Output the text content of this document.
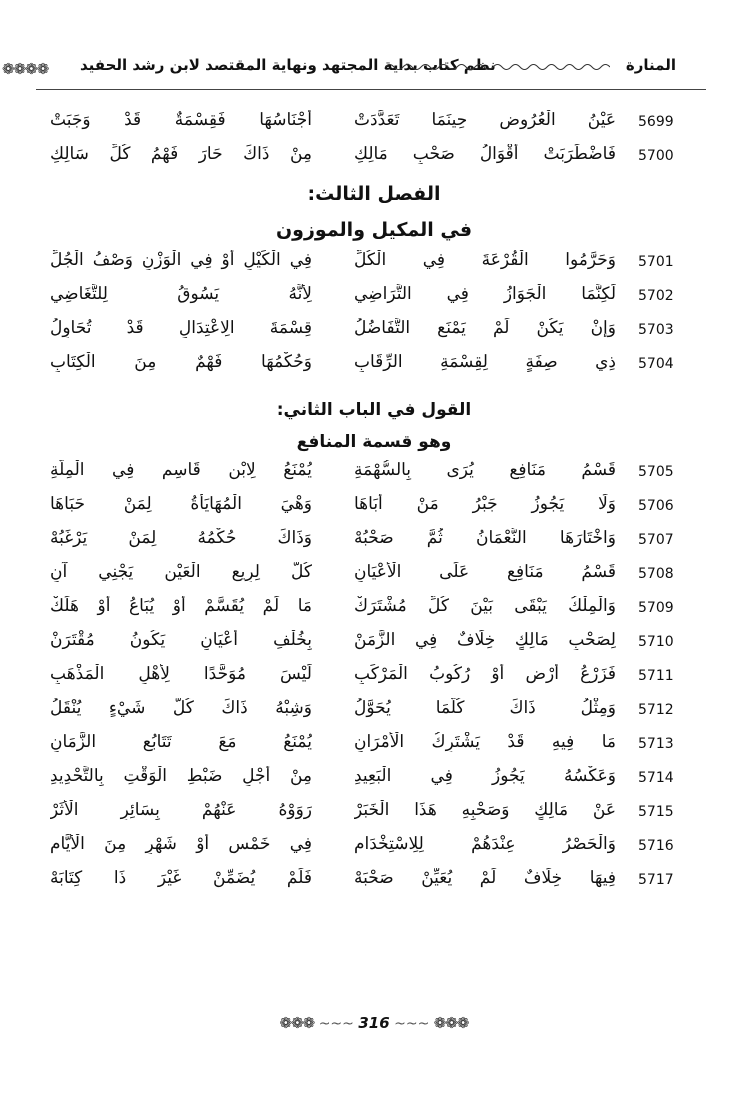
❁❁❁❁ نظم كتاب بداية المجتهد ونهاية المقتصد لابن رشد الحفيد	المنارة
5699
عَيْنُ الْعُرُوضِ حِينَمَا تَعَدَّدَتْ
أَجْنَاسُهَا فَقِسْمَةٌ قَدْ وَجَبَتْ
5700
فَاضْطَرَبَتْ أَقْوَالُ صَحْبِ مَالِكِ
مِنْ ذَاكَ حَارَ فَهْمُ كُلِّ سَالِكِ
الفصل الثالث:
في المكيل والموزون
5701
وَحَرَّمُوا الْقُرْعَةَ فِي الْكُلِّ
فِي الْكَيْلِ أَوْ فِي الْوَزْنِ وَصْفُ الْجُلِّ
5702
لَكِنَّمَا الْجَوَازُ فِي التَّرَاضِي
لِأَنَّهُ يَسُوقُ لِلتَّغَاضِي
5703
وَإِنْ يَكُنْ لَمْ يَمْنَعِ التَّفَاضُلُ
قِسْمَةَ الِاعْتِدَالِ قَدْ تُحَاوِلُ
5704
ذِي صِفَةٍ لِقِسْمَةِ الرِّقَابِ
وَحُكْمُهَا فَهْمٌ مِنَ الْكِتَابِ
القول في الباب الثاني:
وهو قسمة المنافع
5705
قَسْمُ مَنَافِعٍ يُرَى بِالسُّهْمَةِ
يُمْنَعُ لِابْنِ قَاسِمٍ فِي الْمِلَّةِ
5706
وَلَا يَجُوزُ جَبْرُ مَنْ أَبَاهَا
وَهْيَ الْمُهَايَأَةُ لِمَنْ حَبَاهَا
5707
وَاخْتَارَهَا النُّعْمَانُ ثُمَّ صَحْبُهْ
وَذَاكَ حُكْمُهُ لِمَنْ يَرْغَبُهْ
5708
قَسْمُ مَنَافِعٍ عَلَى الْأَعْيَانِ
كُلٌّ لِرِيعِ الْعَيْنِ يَجْنِي آنِ
5709
وَالْمِلْكُ يَبْقَى بَيْنَ كُلِّ مُشْتَرَكْ
مَا لَمْ يُقَسَّمْ أَوْ يُبَاعُ أَوْ هَلَكْ
5710
لِصَحْبِ مَالِكٍ خِلَافٌ فِي الزَّمَنْ
بِخُلْفِ أَعْيَانٍ يَكُونُ مُقْتَرَنْ
5711
فَزَرْعُ أَرْضٍ أَوْ رُكُوبُ الْمَرْكَبِ
لَيْسَ مُوَحَّدًا لِأَهْلِ الْمَذْهَبِ
5712
وَمِثْلُ ذَاكَ كُلَّمَا يُحَوَّلُ
وَشِبْهُ ذَاكَ كُلُّ شَيْءٍ يُنْقَلُ
5713
مَا فِيهِ قَدْ يَشْتَرِكُ الْأَمْرَانِ
يُمْنَعُ مَعَ تَتَابُعِ الزَّمَانِ
5714
وَعَكْسُهُ يَجُوزُ فِي الْبَعِيدِ
مِنْ أَجْلِ ضَبْطِ الْوَقْتِ بِالتَّحْدِيدِ
5715
عَنْ مَالِكٍ وَصَحْبِهِ هَذَا الْخَبَرْ
رَوَوْهُ عَنْهُمْ بِسَائِرِ الْأَثَرْ
5716
وَالْحَصْرُ عِنْدَهُمْ لِلِاسْتِخْدَامِ
فِي خَمْسٍ أَوْ شَهْرٍ مِنَ الْأَيَّامِ
5717
فِيهَا خِلَافٌ لَمْ يُعَيِّنْ صَحْبَهْ
فَلَمْ يُضَمِّنْ غَيْرَ ذَا كِتَابَهْ
❁❁❁ ~~~ 316 ~~~ ❁❁❁
